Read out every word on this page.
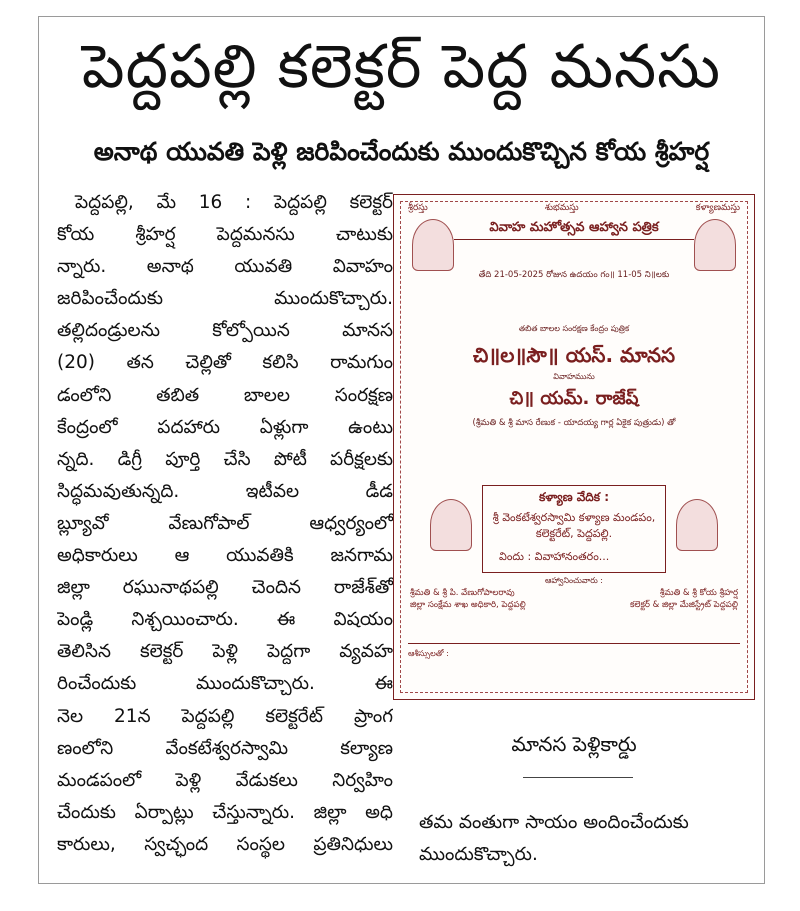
పెద్దపల్లి కలెక్టర్ పెద్ద మనసు
అనాథ యువతి పెళ్లి జరిపించేందుకు ముందుకొచ్చిన కోయ శ్రీహర్ష
పెద్దపల్లి, మే 16 : పెద్దపల్లి కలెక్టర్
కోయ శ్రీహర్ష పెద్దమనసు చాటుకు
న్నారు. అనాథ యువతి వివాహం
జరిపించేందుకు ముందుకొచ్చారు.
తల్లిదండ్రులను కోల్పోయిన మానస
(20) తన చెల్లితో కలిసి రామగుం
డంలోని తబిత బాలల సంరక్షణ
కేంద్రంలో పదహారు ఏళ్లుగా ఉంటు
న్నది. డిగ్రీ పూర్తి చేసి పోటీ పరీక్షలకు
సిద్ధమవుతున్నది. ఇటీవల డీడ
బ్ల్యూవో వేణుగోపాల్ ఆధ్వర్యంలో
అధికారులు ఆ యువతికి జనగామ
జిల్లా రఘునాథపల్లి చెందిన రాజేశ్‌తో
పెండ్లి నిశ్చయించారు. ఈ విషయం
తెలిసిన కలెక్టర్ పెళ్లి పెద్దగా వ్యవహ
రించేందుకు ముందుకొచ్చారు. ఈ
నెల 21న పెద్దపల్లి కలెక్టరేట్ ప్రాంగ
ణంలోని వేంకటేశ్వరస్వామి కల్యాణ
మండపంలో పెళ్లి వేడుకలు నిర్వహిం
చేందుకు ఏర్పాట్లు చేస్తున్నారు. జిల్లా అధి
కారులు, స్వచ్ఛంద సంస్థల ప్రతినిధులు
శ్రీరస్తు	శుభమస్తు	కళ్యాణమస్తు
వివాహ మహోత్సవ ఆహ్వాన పత్రిక
తేది 21-05-2025 రోజున ఉదయం గం॥ 11-05 ని॥లకు
తబిత బాలల సంరక్షణ కేంద్రం పుత్రిక
చి॥ల॥సౌ॥ యస్. మానస
వివాహమును
చి॥ యమ్. రాజేష్
(శ్రీమతి & శ్రీ మాస రేణుక - యాదయ్య గార్ల ఏకైక పుత్రుడు) తో
కళ్యాణ వేదిక :
శ్రీ వెంకటేశ్వరస్వామి కళ్యాణ మండపం,
కలెక్టరేట్, పెద్దపల్లి.
విందు : వివాహానంతరం...
ఆహ్వానించువారు :
శ్రీమతి & శ్రీ పి. వేణుగోపాలరావు
జిల్లా సంక్షేమ శాఖ అధికారి, పెద్దపల్లి
శ్రీమతి & శ్రీ కోయ శ్రీహర్ష
కలెక్టర్ & జిల్లా మేజిస్ట్రేట్ పెద్దపల్లి
ఆశీస్సులతో :
మానస పెళ్లికార్డు
తమ వంతుగా సాయం అందించేందుకు
ముందుకొచ్చారు.
